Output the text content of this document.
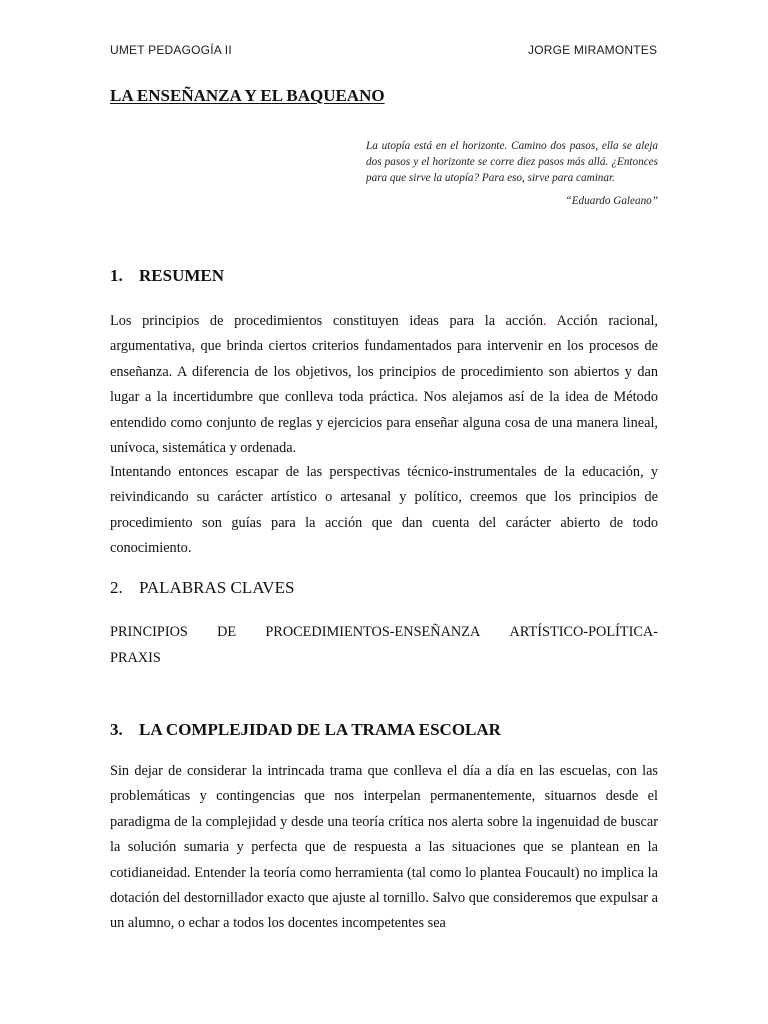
UMET PEDAGOGÍA II	JORGE MIRAMONTES
LA ENSEÑANZA Y EL BAQUEANO
La utopía está en el horizonte. Camino dos pasos, ella se aleja dos pasos y el horizonte se corre diez pasos más allá. ¿Entonces para que sirve la utopía? Para eso, sirve para caminar.
“Eduardo Galeano”
1. RESUMEN

Los principios de procedimientos constituyen ideas para la acción. Acción racional, argumentativa, que brinda ciertos criterios fundamentados para intervenir en los procesos de enseñanza. A diferencia de los objetivos, los principios de procedimiento son abiertos y dan lugar a la incertidumbre que conlleva toda práctica. Nos alejamos así de la idea de Método entendido como conjunto de reglas y ejercicios para enseñar alguna cosa de una manera lineal, unívoca, sistemática y ordenada.

Intentando entonces escapar de las perspectivas técnico-instrumentales de la educación, y reivindicando su carácter artístico o artesanal y político, creemos que los principios de procedimiento son guías para la acción que dan cuenta del carácter abierto de todo conocimiento.

2. PALABRAS CLAVES
PRINCIPIOS DE PROCEDIMIENTOS-ENSEÑANZA ARTÍSTICO-POLÍTICA-
PRAXIS
3. LA COMPLEJIDAD DE LA TRAMA ESCOLAR

Sin dejar de considerar la intrincada trama que conlleva el día a día en las escuelas, con las problemáticas y contingencias que nos interpelan permanentemente, situarnos desde el paradigma de la complejidad y desde una teoría crítica nos alerta sobre la ingenuidad de buscar la solución sumaria y perfecta que de respuesta a las situaciones que se plantean en la cotidianeidad. Entender la teoría como herramienta (tal como lo plantea Foucault) no implica la dotación del destornillador exacto que ajuste al tornillo. Salvo que consideremos que expulsar a un alumno, o echar a todos los docentes incompetentes sea
